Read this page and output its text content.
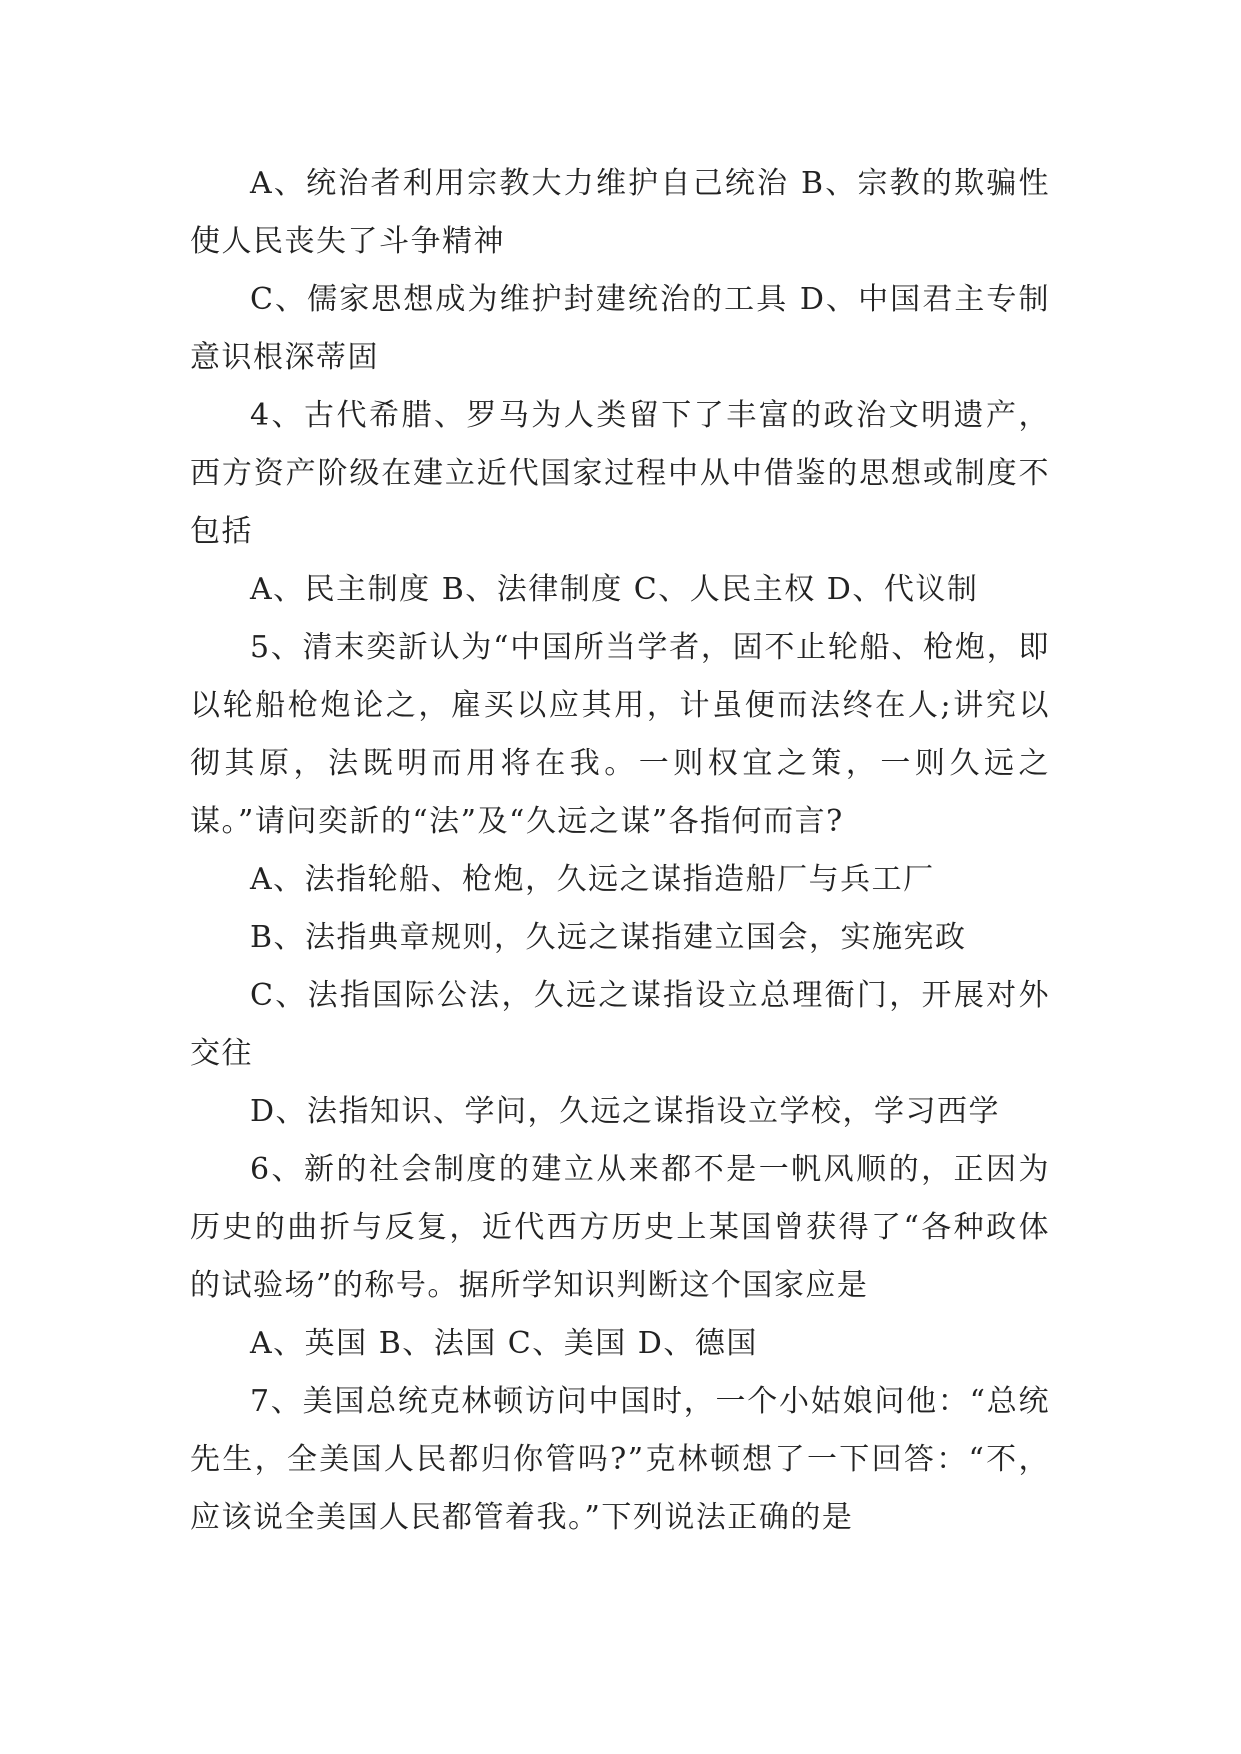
A、统治者利用宗教大力维护自己统治 B、宗教的欺骗性使人民丧失了斗争精神

C、儒家思想成为维护封建统治的工具 D、中国君主专制意识根深蒂固

4、古代希腊、罗马为人类留下了丰富的政治文明遗产，西方资产阶级在建立近代国家过程中从中借鉴的思想或制度不包括

A、民主制度 B、法律制度 C、人民主权 D、代议制

5、清末奕訢认为“中国所当学者，固不止轮船、枪炮，即以轮船枪炮论之，雇买以应其用，计虽便而法终在人;讲究以彻其原，法既明而用将在我。一则权宜之策，一则久远之谋。”请问奕訢的“法”及“久远之谋”各指何而言?

A、法指轮船、枪炮，久远之谋指造船厂与兵工厂

B、法指典章规则，久远之谋指建立国会，实施宪政

C、法指国际公法，久远之谋指设立总理衙门，开展对外交往

D、法指知识、学问，久远之谋指设立学校，学习西学

6、新的社会制度的建立从来都不是一帆风顺的，正因为历史的曲折与反复，近代西方历史上某国曾获得了“各种政体的试验场”的称号。据所学知识判断这个国家应是

A、英国 B、法国 C、美国 D、德国

7、美国总统克林顿访问中国时，一个小姑娘问他：“总统先生，全美国人民都归你管吗?”克林顿想了一下回答：“不，应该说全美国人民都管着我。”下列说法正确的是
